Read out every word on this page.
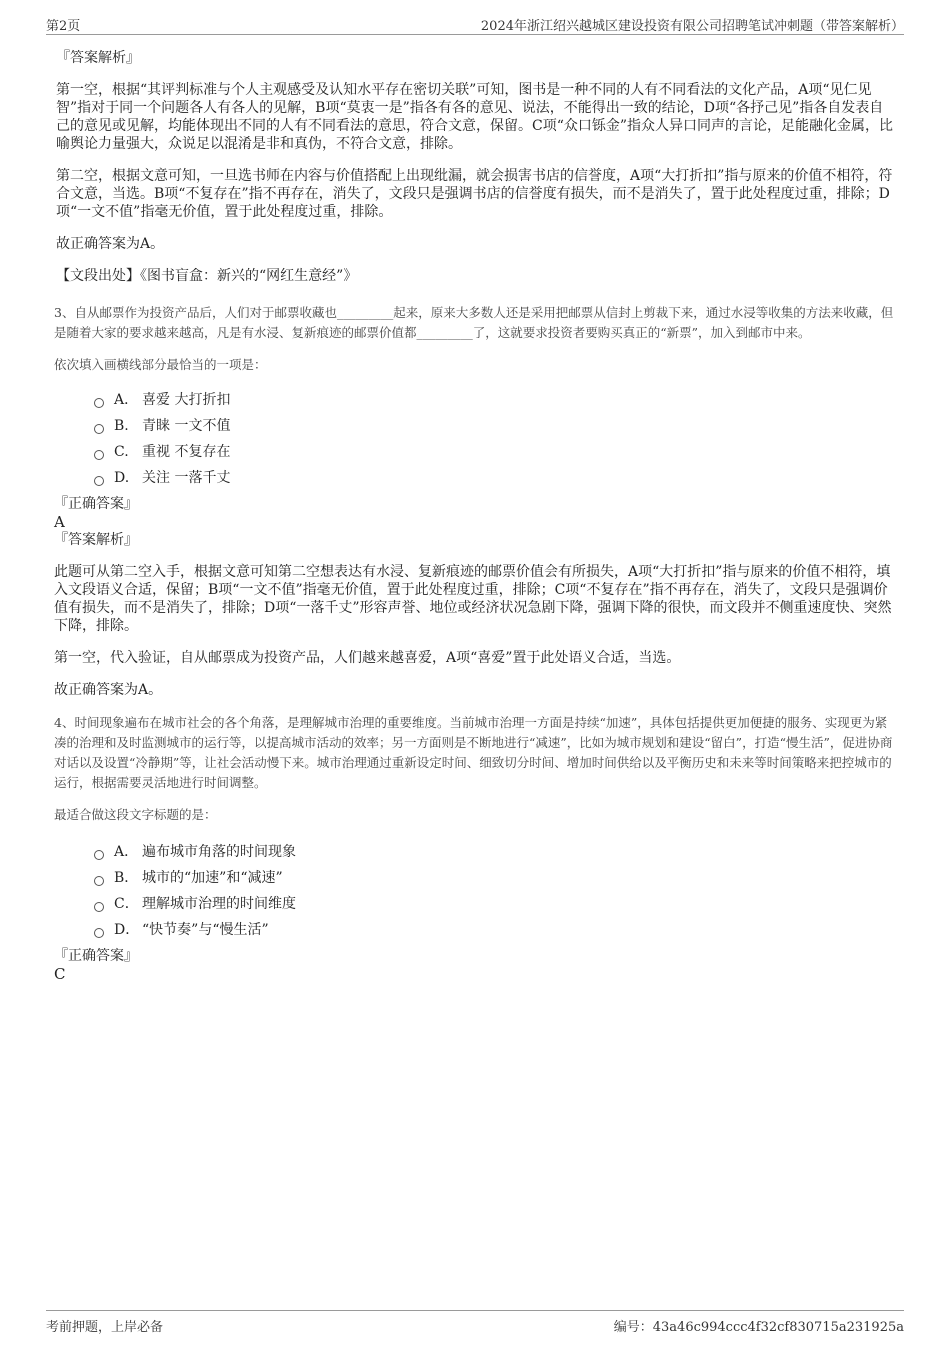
第2页	2024年浙江绍兴越城区建设投资有限公司招聘笔试冲刺题（带答案解析）

『答案解析』

第一空，根据“其评判标准与个人主观感受及认知水平存在密切关联”可知，图书是一种不同的人有不同看法的文化产品，A项“见仁见智”指对于同一个问题各人有各人的见解，B项“莫衷一是”指各有各的意见、说法，不能得出一致的结论，D项“各抒己见”指各自发表自己的意见或见解，均能体现出不同的人有不同看法的意思，符合文意，保留。C项“众口铄金”指众人异口同声的言论，足能融化金属，比喻舆论力量强大，众说足以混淆是非和真伪，不符合文意，排除。

第二空，根据文意可知，一旦选书师在内容与价值搭配上出现纰漏，就会损害书店的信誉度，A项“大打折扣”指与原来的价值不相符，符合文意，当选。B项“不复存在”指不再存在，消失了，文段只是强调书店的信誉度有损失，而不是消失了，置于此处程度过重，排除；D项“一文不值”指毫无价值，置于此处程度过重，排除。

故正确答案为A。

【文段出处】《图书盲盒：新兴的“网红生意经”》

3、自从邮票作为投资产品后，人们对于邮票收藏也_________起来，原来大多数人还是采用把邮票从信封上剪裁下来，通过水浸等收集的方法来收藏，但是随着大家的要求越来越高，凡是有水浸、复新痕迹的邮票价值都_________了，这就要求投资者要购买真正的“新票”，加入到邮市中来。

依次填入画横线部分最恰当的一项是：

A． 喜爱 大打折扣
B. 青睐 一文不值
C. 重视 不复存在
D. 关注 一落千丈

『正确答案』

A

『答案解析』

此题可从第二空入手，根据文意可知第二空想表达有水浸、复新痕迹的邮票价值会有所损失，A项“大打折扣”指与原来的价值不相符，填入文段语义合适，保留；B项“一文不值”指毫无价值，置于此处程度过重，排除；C项“不复存在”指不再存在，消失了，文段只是强调价值有损失，而不是消失了，排除；D项“一落千丈”形容声誉、地位或经济状况急剧下降，强调下降的很快，而文段并不侧重速度快、突然下降，排除。

第一空，代入验证，自从邮票成为投资产品，人们越来越喜爱，A项“喜爱”置于此处语义合适，当选。

故正确答案为A。

4、时间现象遍布在城市社会的各个角落，是理解城市治理的重要维度。当前城市治理一方面是持续“加速”，具体包括提供更加便捷的服务、实现更为紧凑的治理和及时监测城市的运行等，以提高城市活动的效率；另一方面则是不断地进行“减速”，比如为城市规划和建设“留白”，打造“慢生活”，促进协商对话以及设置“冷静期”等，让社会活动慢下来。城市治理通过重新设定时间、细致切分时间、增加时间供给以及平衡历史和未来等时间策略来把控城市的运行，根据需要灵活地进行时间调整。

最适合做这段文字标题的是：

A． 遍布城市角落的时间现象
B． 城市的“加速”和“减速”
C． 理解城市治理的时间维度
D． “快节奏”与“慢生活”

『正确答案』

C

考前押题，上岸必备	编号：43a46c994ccc4f32cf830715a231925a
